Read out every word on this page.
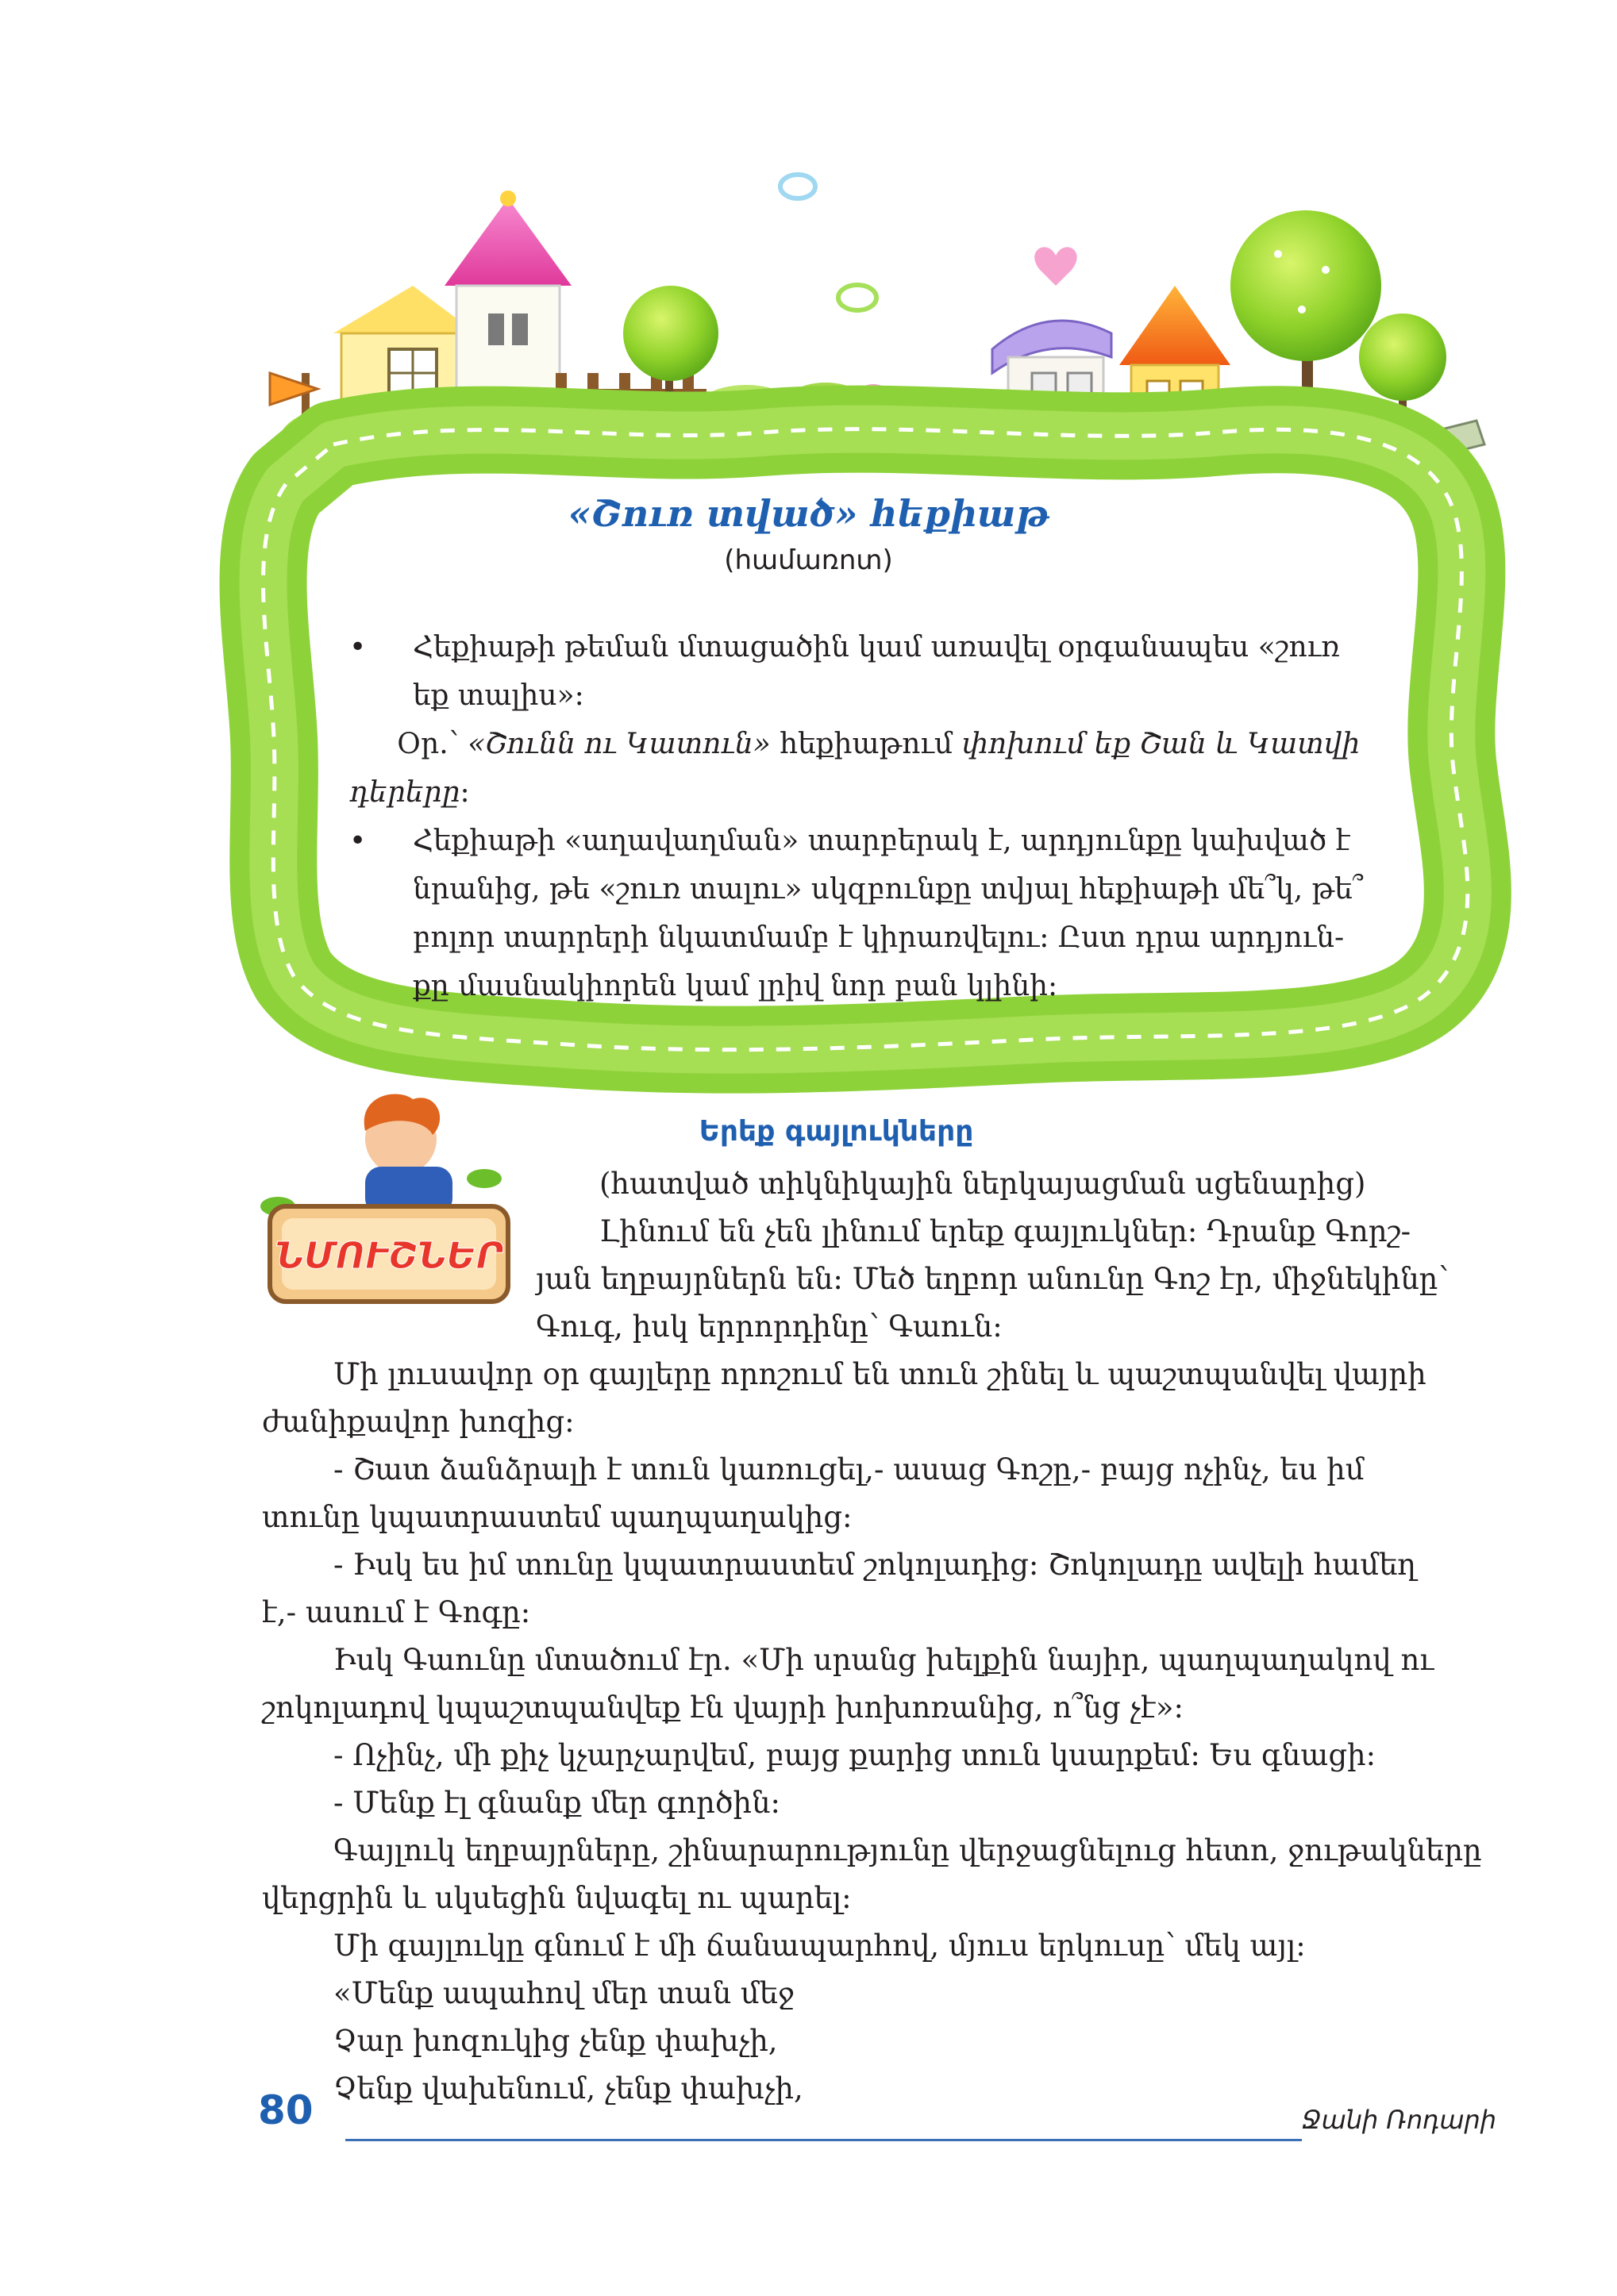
«Շուռ տված» հեքիաթ
(համառոտ)
•	Հեքիաթի թեման մտացածին կամ առավել օրգանապես «շուռ
եք տալիս»:
Օր.՝ «Շունն ու Կատուն» հեքիաթում փոխում եք Շան և Կատվի
դերերը:
•	Հեքիաթի «աղավաղման» տարբերակ է, արդյունքը կախված է
նրանից, թե «շուռ տալու» սկզբունքը տվյալ հեքիաթի մե՞կ, թե՞
բոլոր տարրերի նկատմամբ է կիրառվելու: Ըստ դրա արդյուն-
քը մասնակիորեն կամ լրիվ նոր բան կլինի:
ՆՄՈՒՇՆԵՐ
Երեք գայլուկները
(հատված տիկնիկային ներկայացման սցենարից)
Լինում են չեն լինում երեք գայլուկներ: Դրանք Գորշ-
յան եղբայրներն են: Մեծ եղբոր անունը Գոշ էր, միջնեկինը՝
Գուգ, իսկ երրորդինը՝ Գաուն:
Մի լուսավոր օր գայլերը որոշում են տուն շինել և պաշտպանվել վայրի
ժանիքավոր խոզից:
- Շատ ձանձրալի է տուն կառուցել,- ասաց Գոշը,- բայց ոչինչ, ես իմ
տունը կպատրաստեմ պաղպաղակից:
- Իսկ ես իմ տունը կպատրաստեմ շոկոլադից: Շոկոլադը ավելի համեղ
է,- ասում է Գոգը:
Իսկ Գաունը մտածում էր. «Մի սրանց խելքին նայիր, պաղպաղակով ու
շոկոլադով կպաշտպանվեք էն վայրի խոխոռանից, ո՞նց չէ»:
- Ոչինչ, մի քիչ կչարչարվեմ, բայց քարից տուն կսարքեմ: Ես գնացի:
- Մենք էլ գնանք մեր գործին:
Գայլուկ եղբայրները, շինարարությունը վերջացնելուց հետո, ջութակները
վերցրին և սկսեցին նվագել ու պարել:
Մի գայլուկը գնում է մի ճանապարհով, մյուս երկուսը՝ մեկ այլ:
«Մենք ապահով մեր տան մեջ
Չար խոզուկից չենք փախչի,
Չենք վախենում, չենք փախչի,
80	Ջանի Ռոդարի
